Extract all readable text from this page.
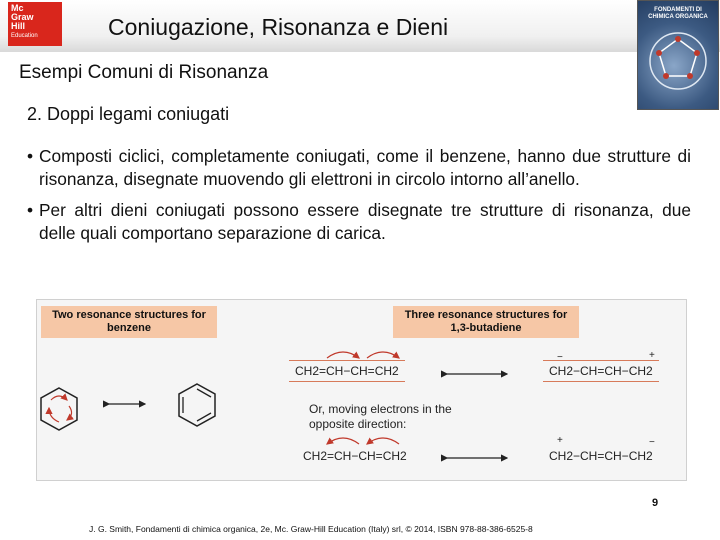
Mc
Graw
Hill
Education	Coniugazione, Risonanza e Dieni
FONDAMENTI DI CHIMICA ORGANICA
Esempi Comuni di Risonanza
2. Doppi legami coniugati
• Composti ciclici, completamente coniugati, come il benzene, hanno due strutture di risonanza, disegnate muovendo gli elettroni in circolo intorno all’anello.
• Per altri dieni coniugati possono essere disegnate tre strutture di risonanza, due delle quali comportano separazione di carica.
Two resonance structures for benzene
Three resonance structures for 1,3-butadiene
CH2=CH−CH=CH2	CH2−CH=CH−CH2
Or, moving electrons in the opposite direction:
CH2=CH−CH=CH2	CH2−CH=CH−CH2
−	+
+	−
9
J. G. Smith, Fondamenti di chimica organica, 2e, Mc. Graw-Hill Education (Italy) srl, © 2014, ISBN 978-88-386-6525-8
